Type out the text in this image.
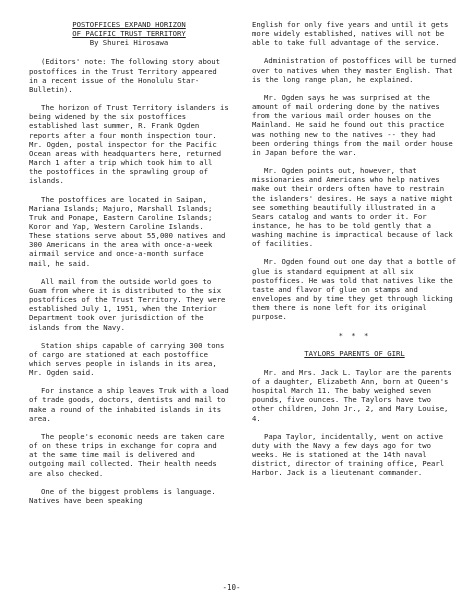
POSTOFFICES EXPAND HORIZON
OF PACIFIC TRUST TERRITORY

By Shurei Hirosawa

(Editors' note: The following story about postoffices in the Trust Territory appeared in a recent issue of the Honolulu Star-Bulletin).

The horizon of Trust Territory islanders is being widened by the six postoffices established last summer, R. Frank Ogden reports after a four month inspection tour. Mr. Ogden, postal inspector for the Pacific Ocean areas with headquarters here, returned March 1 after a trip which took him to all the postoffices in the sprawling group of islands.

The postoffices are located in Saipan, Mariana Islands; Majuro, Marshall Islands; Truk and Ponape, Eastern Caroline Islands; Koror and Yap, Western Caroline Islands. These stations serve about 55,000 natives and 300 Americans in the area with once-a-week airmail service and once-a-month surface mail, he said.

All mail from the outside world goes to Guam from where it is distributed to the six postoffices of the Trust Territory. They were established July 1, 1951, when the Interior Department took over jurisdiction of the islands from the Navy.

Station ships capable of carrying 300 tons of cargo are stationed at each postoffice which serves people in islands in its area, Mr. Ogden said.

For instance a ship leaves Truk with a load of trade goods, doctors, dentists and mail to make a round of the inhabited islands in its area.

The people's economic needs are taken care of on these trips in exchange for copra and at the same time mail is delivered and outgoing mail collected. Their health needs are also checked.

One of the biggest problems is language. Natives have been speaking

English for only five years and until it gets more widely established, natives will not be able to take full advantage of the service.

Administration of postoffices will be turned over to natives when they master English. That is the long range plan, he explained.

Mr. Ogden says he was surprised at the amount of mail ordering done by the natives from the various mail order houses on the Mainland. He said he found out this practice was nothing new to the natives -- they had been ordering things from the mail order house in Japan before the war.

Mr. Ogden points out, however, that missionaries and Americans who help natives make out their orders often have to restrain the islanders' desires. He says a native might see something beautifully illustrated in a Sears catalog and wants to order it. For instance, he has to be told gently that a washing machine is impractical because of lack of facilities.

Mr. Ogden found out one day that a bottle of glue is standard equipment at all six postoffices. He was told that natives like the taste and flavor of glue on stamps and envelopes and by time they get through licking them there is none left for its original purpose.

* * *

TAYLORS PARENTS OF GIRL

Mr. and Mrs. Jack L. Taylor are the parents of a daughter, Elizabeth Ann, born at Queen's hospital March 11. The baby weighed seven pounds, five ounces. The Taylors have two other children, John Jr., 2, and Mary Louise, 4.

Papa Taylor, incidentally, went on active duty with the Navy a few days ago for two weeks. He is stationed at the 14th naval district, director of training office, Pearl Harbor. Jack is a lieutenant commander.

-10-
